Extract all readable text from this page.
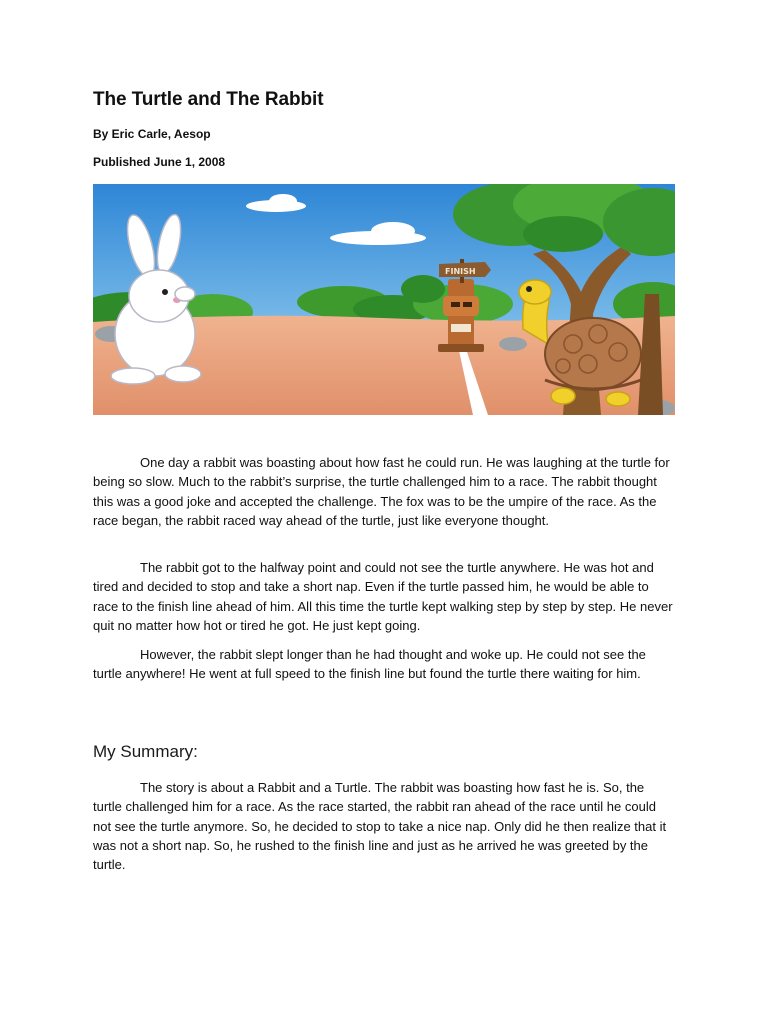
The Turtle and The Rabbit

By Eric Carle, Aesop

Published June 1, 2008

FINISH

One day a rabbit was boasting about how fast he could run. He was laughing at the turtle for being so slow. Much to the rabbit’s surprise, the turtle challenged him to a race. The rabbit thought this was a good joke and accepted the challenge. The fox was to be the umpire of the race. As the race began, the rabbit raced way ahead of the turtle, just like everyone thought.

The rabbit got to the halfway point and could not see the turtle anywhere. He was hot and tired and decided to stop and take a short nap. Even if the turtle passed him, he would be able to race to the finish line ahead of him. All this time the turtle kept walking step by step by step. He never quit no matter how hot or tired he got. He just kept going.

However, the rabbit slept longer than he had thought and woke up. He could not see the turtle anywhere! He went at full speed to the finish line but found the turtle there waiting for him.

My Summary:

The story is about a Rabbit and a Turtle. The rabbit was boasting how fast he is. So, the turtle challenged him for a race. As the race started, the rabbit ran ahead of the race until he could not see the turtle anymore. So, he decided to stop to take a nice nap. Only did he then realize that it was not a short nap. So, he rushed to the finish line and just as he arrived he was greeted by the turtle.
